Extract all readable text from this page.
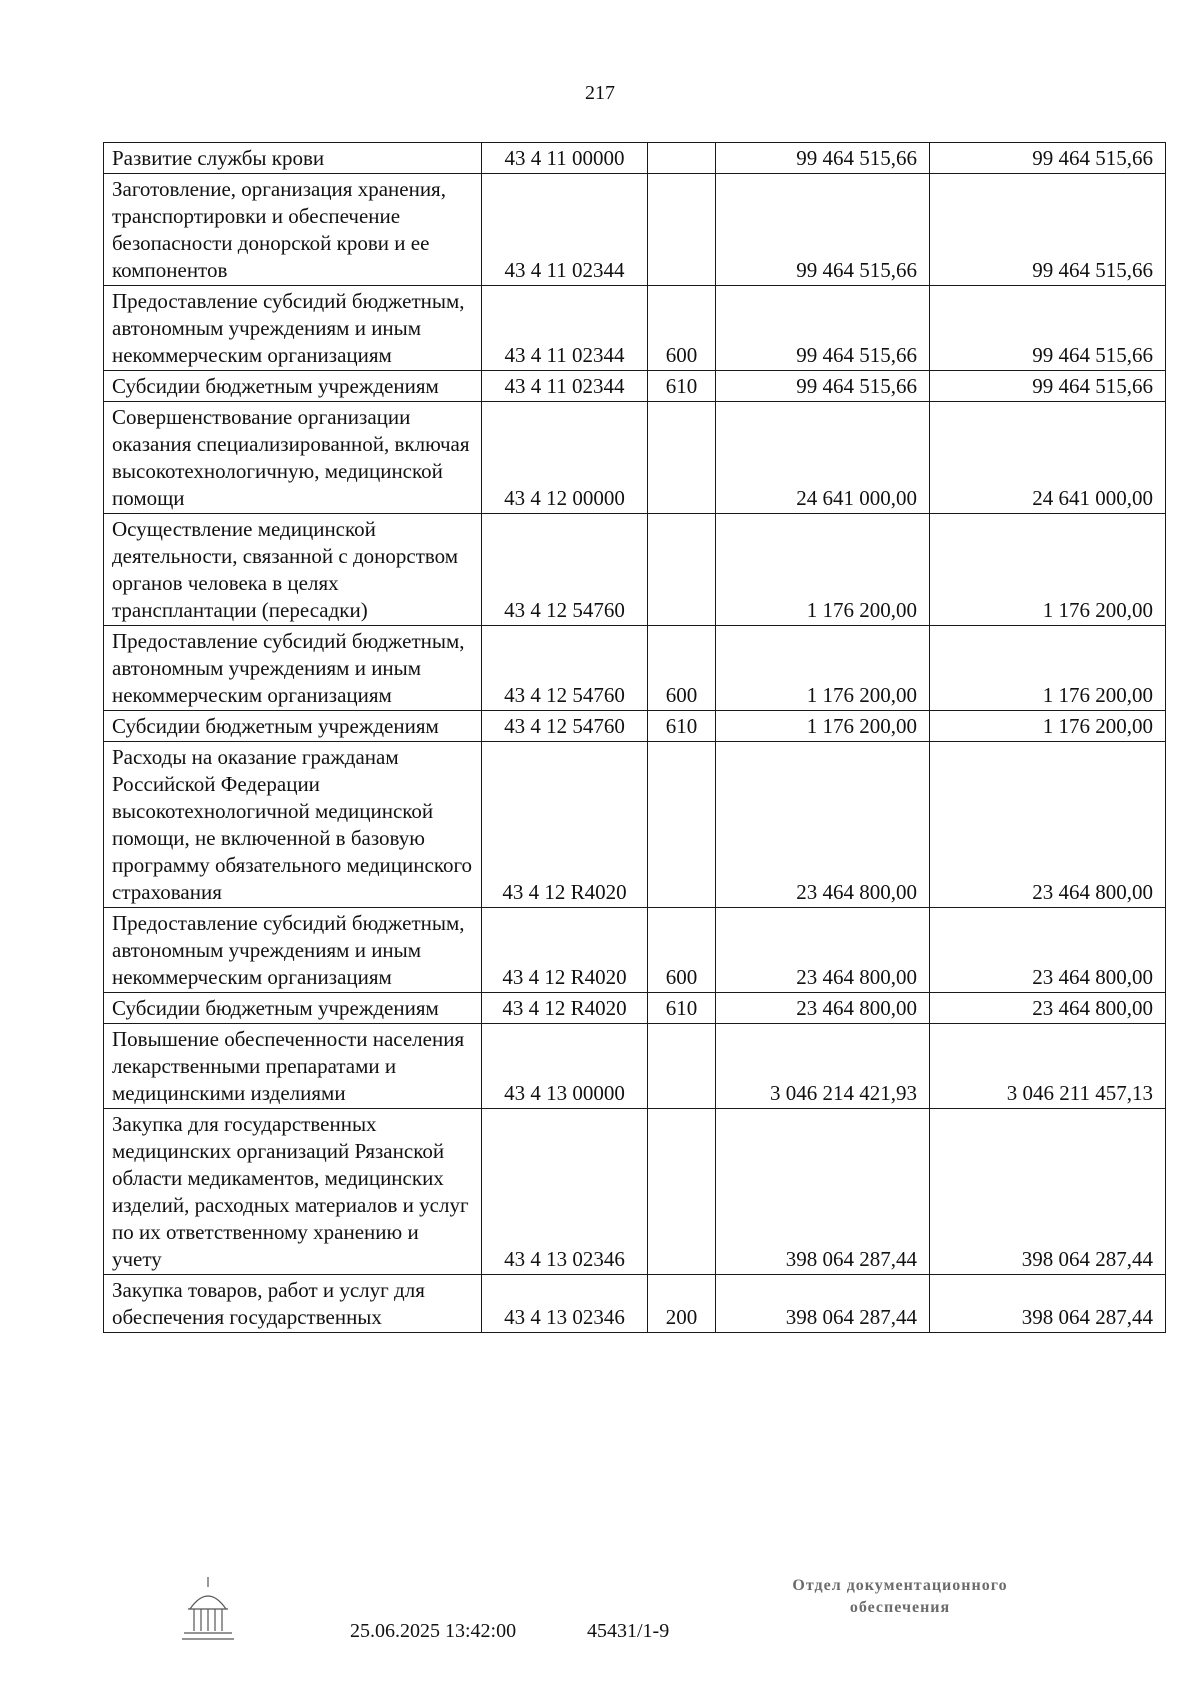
217
Развитие службы крови	43 4 11 00000		99 464 515,66	99 464 515,66
Заготовление, организация хранения, транспортировки и обеспечение безопасности донорской крови и ее компонентов	43 4 11 02344		99 464 515,66	99 464 515,66
Предоставление субсидий бюджетным, автономным учреждениям и иным некоммерческим организациям	43 4 11 02344	600	99 464 515,66	99 464 515,66
Субсидии бюджетным учреждениям	43 4 11 02344	610	99 464 515,66	99 464 515,66
Совершенствование организации оказания специализированной, включая высокотехнологичную, медицинской помощи	43 4 12 00000		24 641 000,00	24 641 000,00
Осуществление медицинской деятельности, связанной с донорством органов человека в целях трансплантации (пересадки)	43 4 12 54760		1 176 200,00	1 176 200,00
Предоставление субсидий бюджетным, автономным учреждениям и иным некоммерческим организациям	43 4 12 54760	600	1 176 200,00	1 176 200,00
Субсидии бюджетным учреждениям	43 4 12 54760	610	1 176 200,00	1 176 200,00
Расходы на оказание гражданам Российской Федерации высокотехнологичной медицинской помощи, не включенной в базовую программу обязательного медицинского страхования	43 4 12 R4020		23 464 800,00	23 464 800,00
Предоставление субсидий бюджетным, автономным учреждениям и иным некоммерческим организациям	43 4 12 R4020	600	23 464 800,00	23 464 800,00
Субсидии бюджетным учреждениям	43 4 12 R4020	610	23 464 800,00	23 464 800,00
Повышение обеспеченности населения лекарственными препаратами и медицинскими изделиями	43 4 13 00000		3 046 214 421,93	3 046 211 457,13
Закупка для государственных медицинских организаций Рязанской области медикаментов, медицинских изделий, расходных материалов и услуг по их ответственному хранению и учету	43 4 13 02346		398 064 287,44	398 064 287,44
Закупка товаров, работ и услуг для обеспечения государственных	43 4 13 02346	200	398 064 287,44	398 064 287,44
25.06.2025 13:42:00	45431/1-9
Отдел документационного
обеспечения
